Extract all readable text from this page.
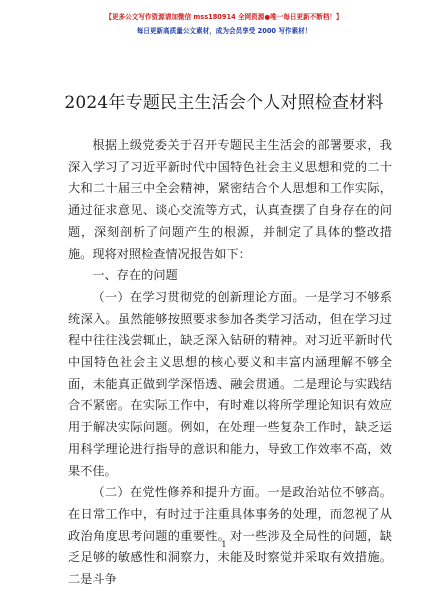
【更多公文写作资源请加微信 mss180914 全网资源●唯一每日更新不断档！】
每日更新高质量公文素材，成为会员享受 2000 写作素材！
2024年专题民主生活会个人对照检查材料

根据上级党委关于召开专题民主生活会的部署要求，我深入学习了习近平新时代中国特色社会主义思想和党的二十大和二十届三中全会精神，紧密结合个人思想和工作实际，通过征求意见、谈心交流等方式，认真查摆了自身存在的问题，深刻剖析了问题产生的根源，并制定了具体的整改措施。现将对照检查情况报告如下：

一、存在的问题

（一）在学习贯彻党的创新理论方面。一是学习不够系统深入。虽然能够按照要求参加各类学习活动，但在学习过程中往往浅尝辄止，缺乏深入钻研的精神。对习近平新时代中国特色社会主义思想的核心要义和丰富内涵理解不够全面，未能真正做到学深悟透、融会贯通。二是理论与实践结合不紧密。在实际工作中，有时难以将所学理论知识有效应用于解决实际问题。例如，在处理一些复杂工作时，缺乏运用科学理论进行指导的意识和能力，导致工作效率不高，效果不佳。

（二）在党性修养和提升方面。一是政治站位不够高。在日常工作中，有时过于注重具体事务的处理，而忽视了从政治角度思考问题的重要性。对一些涉及全局性的问题，缺乏足够的敏感性和洞察力，未能及时察觉并采取有效措施。二是斗争

1
